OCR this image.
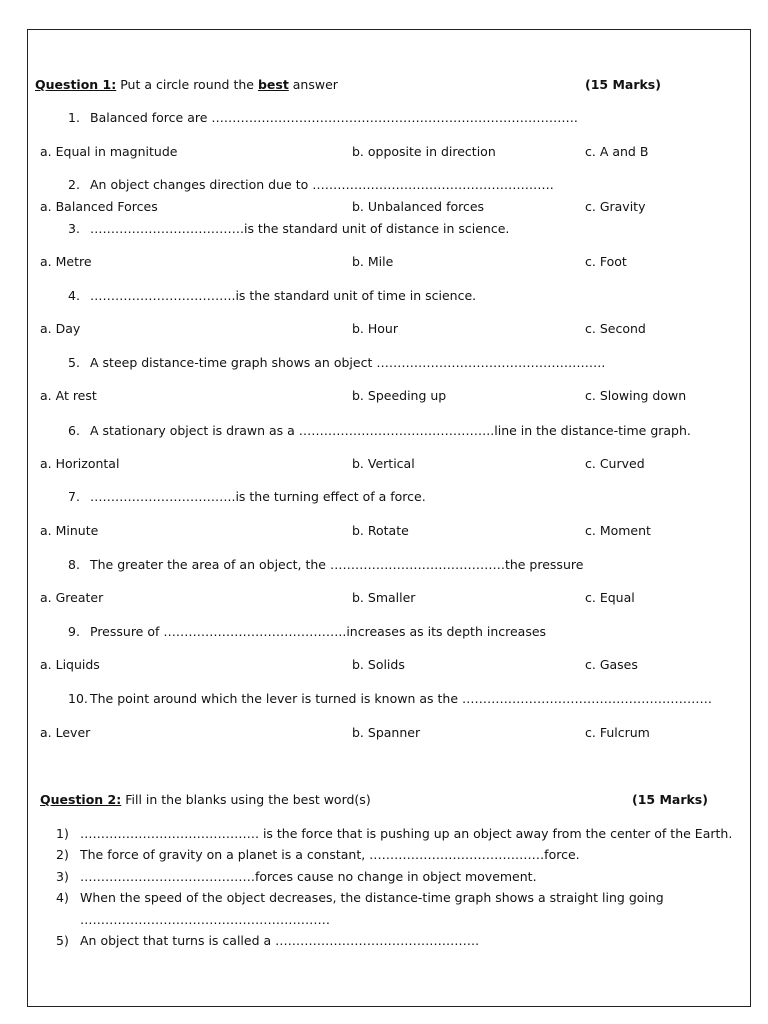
Question 1: Put a circle round the best answer	(15 Marks)
1. Balanced force are …………………………………………………………………………….
a. Equal in magnitude	b. opposite in direction	c. A and B
2. An object changes direction due to ………………………………………………….
a. Balanced Forces	b. Unbalanced forces	c. Gravity
3. ……………………………….is the standard unit of distance in science.
a. Metre	b. Mile	c. Foot
4. ……………………………..is the standard unit of time in science.
a. Day	b. Hour	c. Second
5. A steep distance-time graph shows an object ……………………………………………….
a. At rest	b. Speeding up	c. Slowing down
6. A stationary object is drawn as a ………………………………………..line in the distance-time graph.
a. Horizontal	b. Vertical	c. Curved
7. ……………………………..is the turning effect of a force.
a. Minute	b. Rotate	c. Moment
8. The greater the area of an object, the ……………………………………the pressure
a. Greater	b. Smaller	c. Equal
9. Pressure of ……………………………………..increases as its depth increases
a. Liquids	b. Solids	c. Gases
10. The point around which the lever is turned is known as the ……………………………………………………
a. Lever	b. Spanner	c. Fulcrum
Question 2: Fill in the blanks using the best word(s)	(15 Marks)
1) ……………………………………. is the force that is pushing up an object away from the center of the Earth.
2) The force of gravity on a planet is a constant, ……………………………………force.
3) ……………………………………forces cause no change in object movement.
4) When the speed of the object decreases, the distance-time graph shows a straight ling going
……………………………………………………
5) An object that turns is called a ………………………………………….
